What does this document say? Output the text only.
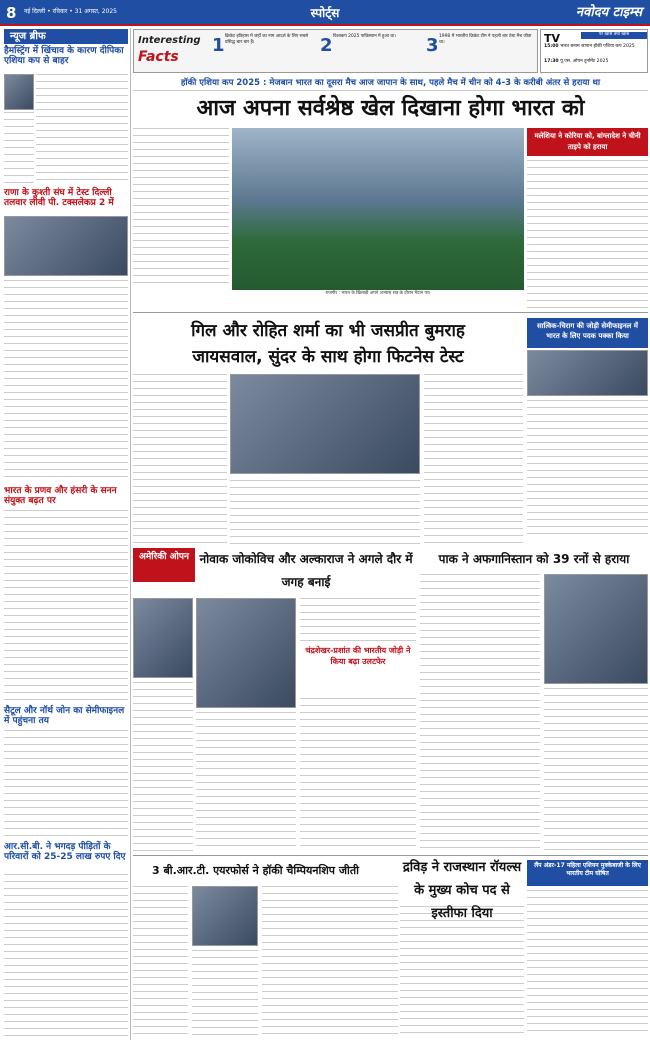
8 नई दिल्ली • रविवार • 31 अगस्त, 2025	स्पोर्ट्स	नवोदय टाइम्स
न्यूज ब्रीफ
हैमस्ट्रिंग में खिंचाव के कारण दीपिका एशिया कप से बाहर
राणा के कुश्ती संघ में टेस्ट दिल्ली तलवार लीवी पी. टक्सलेकप्र 2 में
भारत के प्रणव और हंसरी के सनन संयुक्त बढ़त पर
सैटूल और नॉर्थ जोन का सेमीफाइनल में पहुंचना तय
आर.सी.बी. ने भगदड़ पीड़ितों के परिवारों को 25-25 लाख रुपए दिए
Interesting
Facts
1 क्रिकेट इतिहास में जहाँ का नाम आदर्श के लिए सबसे प्रसिद्ध चार बार हैं।	2 विश्वकप 2025 पाकिस्तान में हुआ था।	3 1998 में भारतीय क्रिकेट टीम ने पहली बार टेस्ट मैच जीता था।	TV	पर खास क्या खास
15:00 भारत बनाम जापान हॉकी एशिया कप 2025
17:30 यू.एस. ओपन टूर्नामेंट 2025
हॉकी एशिया कप 2025 : मेजबान भारत का दूसरा मैच आज जापान के साथ, पहले मैच में चीन को 4-3 के करीबी अंतर से हराया था
आज अपना सर्वश्रेष्ठ खेल दिखाना होगा भारत को
राजगीर : भारत के खिलाड़ी अपने अभ्यास सत्र के दौरान मैदान पर।
मलेशिया ने कोरिया को, बांग्लादेश ने चीनी ताइपे को हराया
गिल और रोहित शर्मा का भी जसप्रीत बुमराह
जायसवाल, सुंदर के साथ होगा फिटनेस टेस्ट
सात्विक-चिराग की जोड़ी सेमीफाइनल में भारत के लिए पदक पक्का किया
अमेरिकी ओपन नोवाक जोकोविच और अल्काराज ने अगले दौर में जगह बनाई
पाक ने अफगानिस्तान को 39 रनों से हराया
चंद्रशेखर-प्रशांत की भारतीय जोड़ी ने किया बढ़ा उलटफेर
3 बी.आर.टी. एयरफोर्स ने हॉकी चैम्पियनशिप जीती	द्रविड़ ने राजस्थान रॉयल्स के मुख्य कोच पद से इस्तीफा दिया
लैंप अंडर-17 महिला एशियन मुक्केबाजी के लिए भारतीय टीम घोषित
